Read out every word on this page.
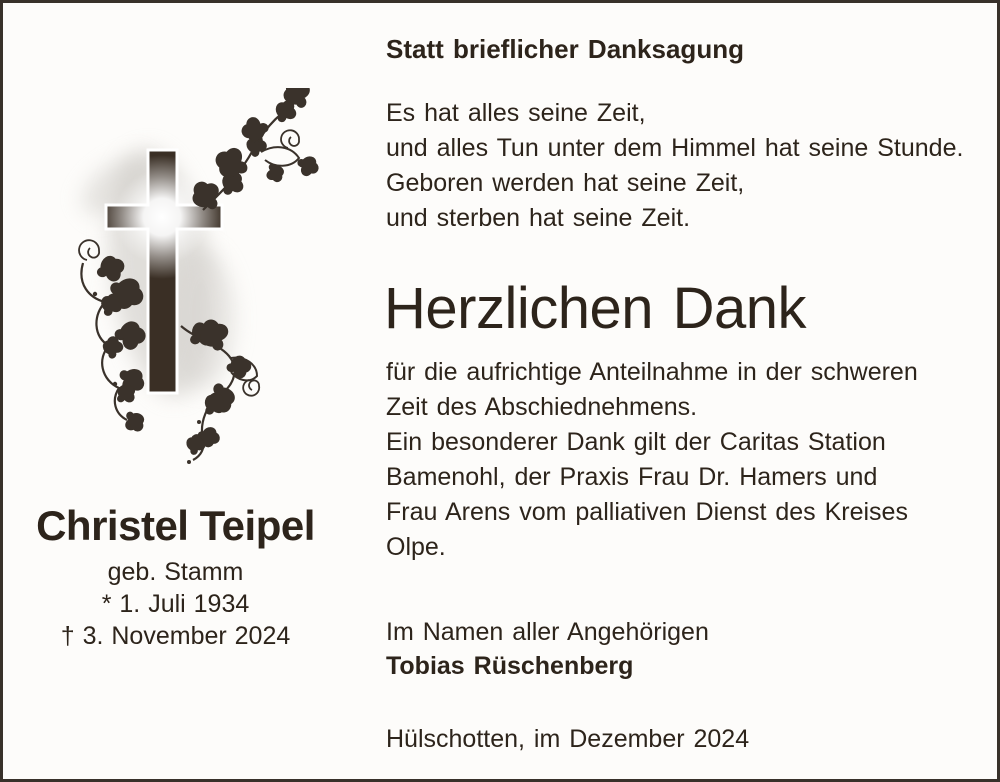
Christel Teipel
geb. Stamm
* 1. Juli 1934
† 3. November 2024
Statt brieflicher Danksagung
Es hat alles seine Zeit,
und alles Tun unter dem Himmel hat seine Stunde.
Geboren werden hat seine Zeit,
und sterben hat seine Zeit.
Herzlichen Dank
für die aufrichtige Anteilnahme in der schweren
Zeit des Abschiednehmens.
Ein besonderer Dank gilt der Caritas Station
Bamenohl, der Praxis Frau Dr. Hamers und
Frau Arens vom palliativen Dienst des Kreises
Olpe.
Im Namen aller Angehörigen
Tobias Rüschenberg
Hülschotten, im Dezember 2024
